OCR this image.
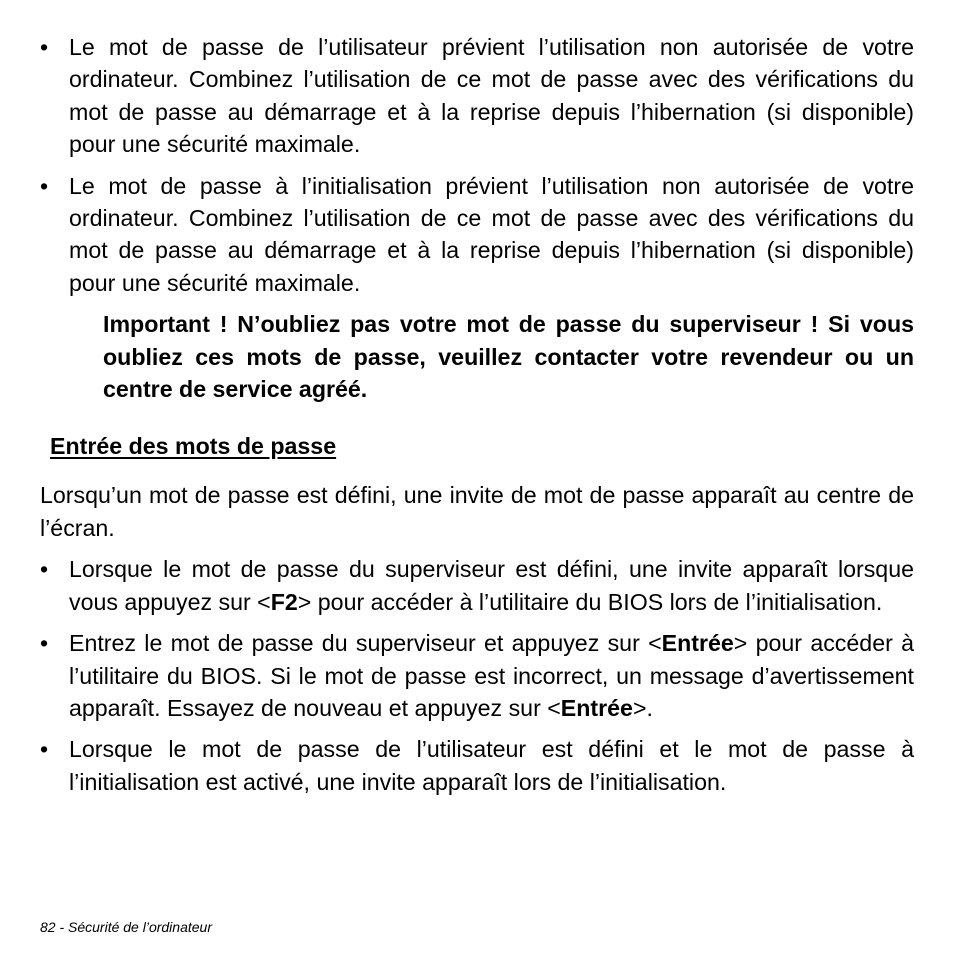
• Le mot de passe de l’utilisateur prévient l’utilisation non autorisée de votre ordinateur. Combinez l’utilisation de ce mot de passe avec des vérifications du mot de passe au démarrage et à la reprise depuis l’hibernation (si disponible) pour une sécurité maximale.
• Le mot de passe à l’initialisation prévient l’utilisation non autorisée de votre ordinateur. Combinez l’utilisation de ce mot de passe avec des vérifications du mot de passe au démarrage et à la reprise depuis l’hibernation (si disponible) pour une sécurité maximale.
Important ! N’oubliez pas votre mot de passe du superviseur ! Si vous oubliez ces mots de passe, veuillez contacter votre revendeur ou un centre de service agréé.
Entrée des mots de passe

Lorsqu’un mot de passe est défini, une invite de mot de passe apparaît au centre de l’écran.

• Lorsque le mot de passe du superviseur est défini, une invite apparaît lorsque vous appuyez sur <F2> pour accéder à l’utilitaire du BIOS lors de l’initialisation.
• Entrez le mot de passe du superviseur et appuyez sur <Entrée> pour accéder à l’utilitaire du BIOS. Si le mot de passe est incorrect, un message d’avertissement apparaît. Essayez de nouveau et appuyez sur <Entrée>.
• Lorsque le mot de passe de l’utilisateur est défini et le mot de passe à l’initialisation est activé, une invite apparaît lors de l’initialisation.
82 - Sécurité de l’ordinateur
